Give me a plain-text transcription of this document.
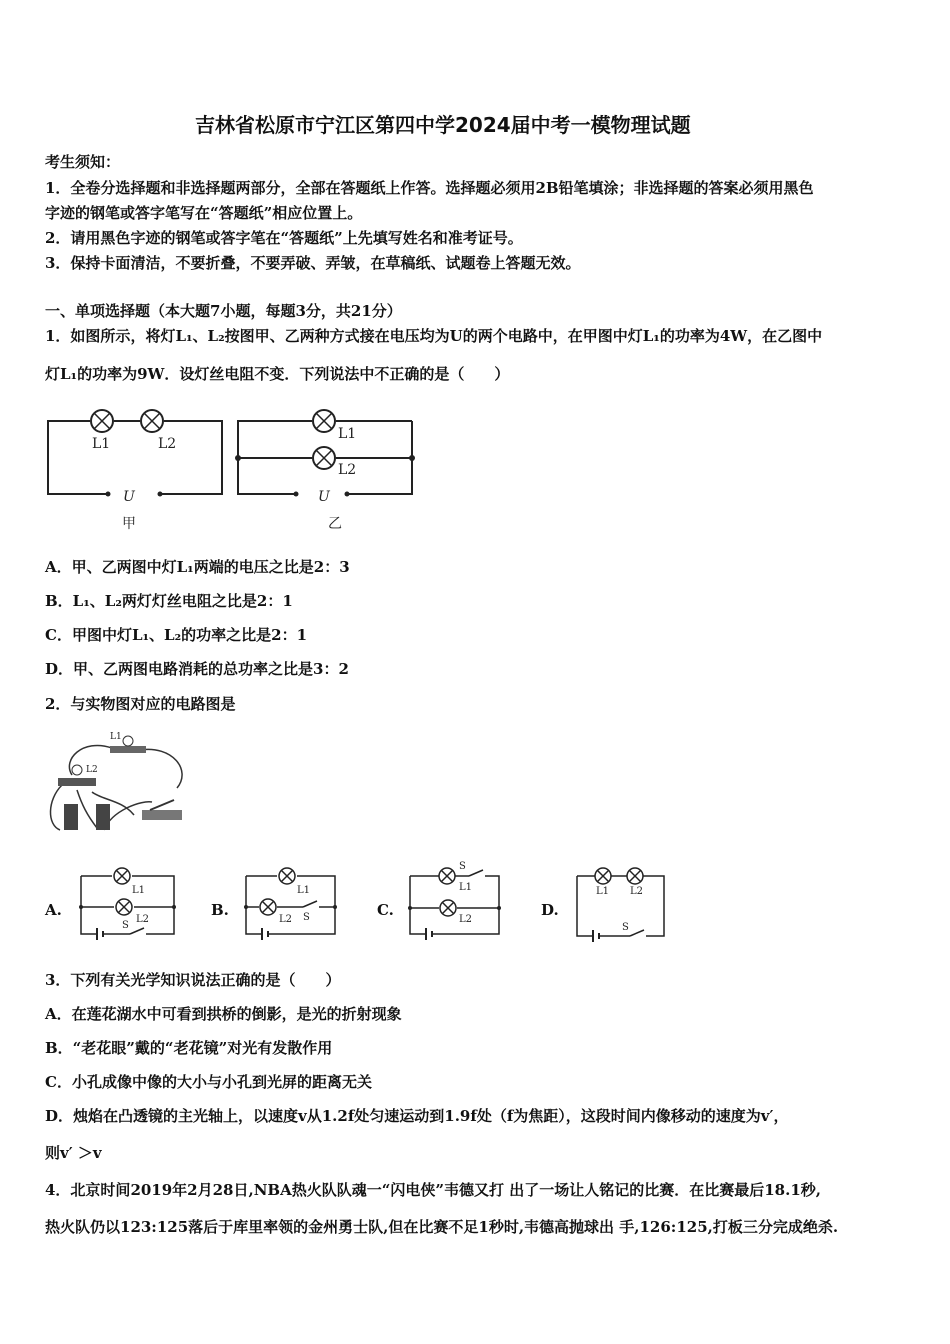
吉林省松原市宁江区第四中学2024届中考一模物理试题
考生须知：
1．全卷分选择题和非选择题两部分，全部在答题纸上作答。选择题必须用2B铅笔填涂；非选择题的答案必须用黑色
字迹的钢笔或答字笔写在“答题纸”相应位置上。
2．请用黑色字迹的钢笔或答字笔在“答题纸”上先填写姓名和准考证号。
3．保持卡面清洁，不要折叠，不要弄破、弄皱，在草稿纸、试题卷上答题无效。
一、单项选择题（本大题7小题，每题3分，共21分）
1．如图所示，将灯L₁、L₂按图甲、乙两种方式接在电压均为U的两个电路中，在甲图中灯L₁的功率为4W，在乙图中
灯L₁的功率为9W．设灯丝电阻不变．下列说法中不正确的是（　　）
L1	L2
U
甲
L1
L2
U
乙
A．甲、乙两图中灯L₁两端的电压之比是2：3
B．L₁、L₂两灯灯丝电阻之比是2：1
C．甲图中灯L₁、L₂的功率之比是2：1
D．甲、乙两图电路消耗的总功率之比是3：2
2．与实物图对应的电路图是
L1
L2
A.
L1
L2
S
B.
L1
L2 S	C.
S
L1
L2
D.
L1 L2
S
3．下列有关光学知识说法正确的是（　　）
A．在莲花湖水中可看到拱桥的倒影，是光的折射现象
B．“老花眼”戴的“老花镜”对光有发散作用
C．小孔成像中像的大小与小孔到光屏的距离无关
D．烛焰在凸透镜的主光轴上，以速度v从1.2f处匀速运动到1.9f处（f为焦距），这段时间内像移动的速度为v′，
则v′ ＞v
4．北京时间2019年2月28日,NBA热火队队魂一“闪电侠”韦德又打 出了一场让人铭记的比赛．在比赛最后18.1秒,
热火队仍以123:125落后于库里率领的金州勇士队,但在比赛不足1秒时,韦德高抛球出 手,126:125,打板三分完成绝杀.
